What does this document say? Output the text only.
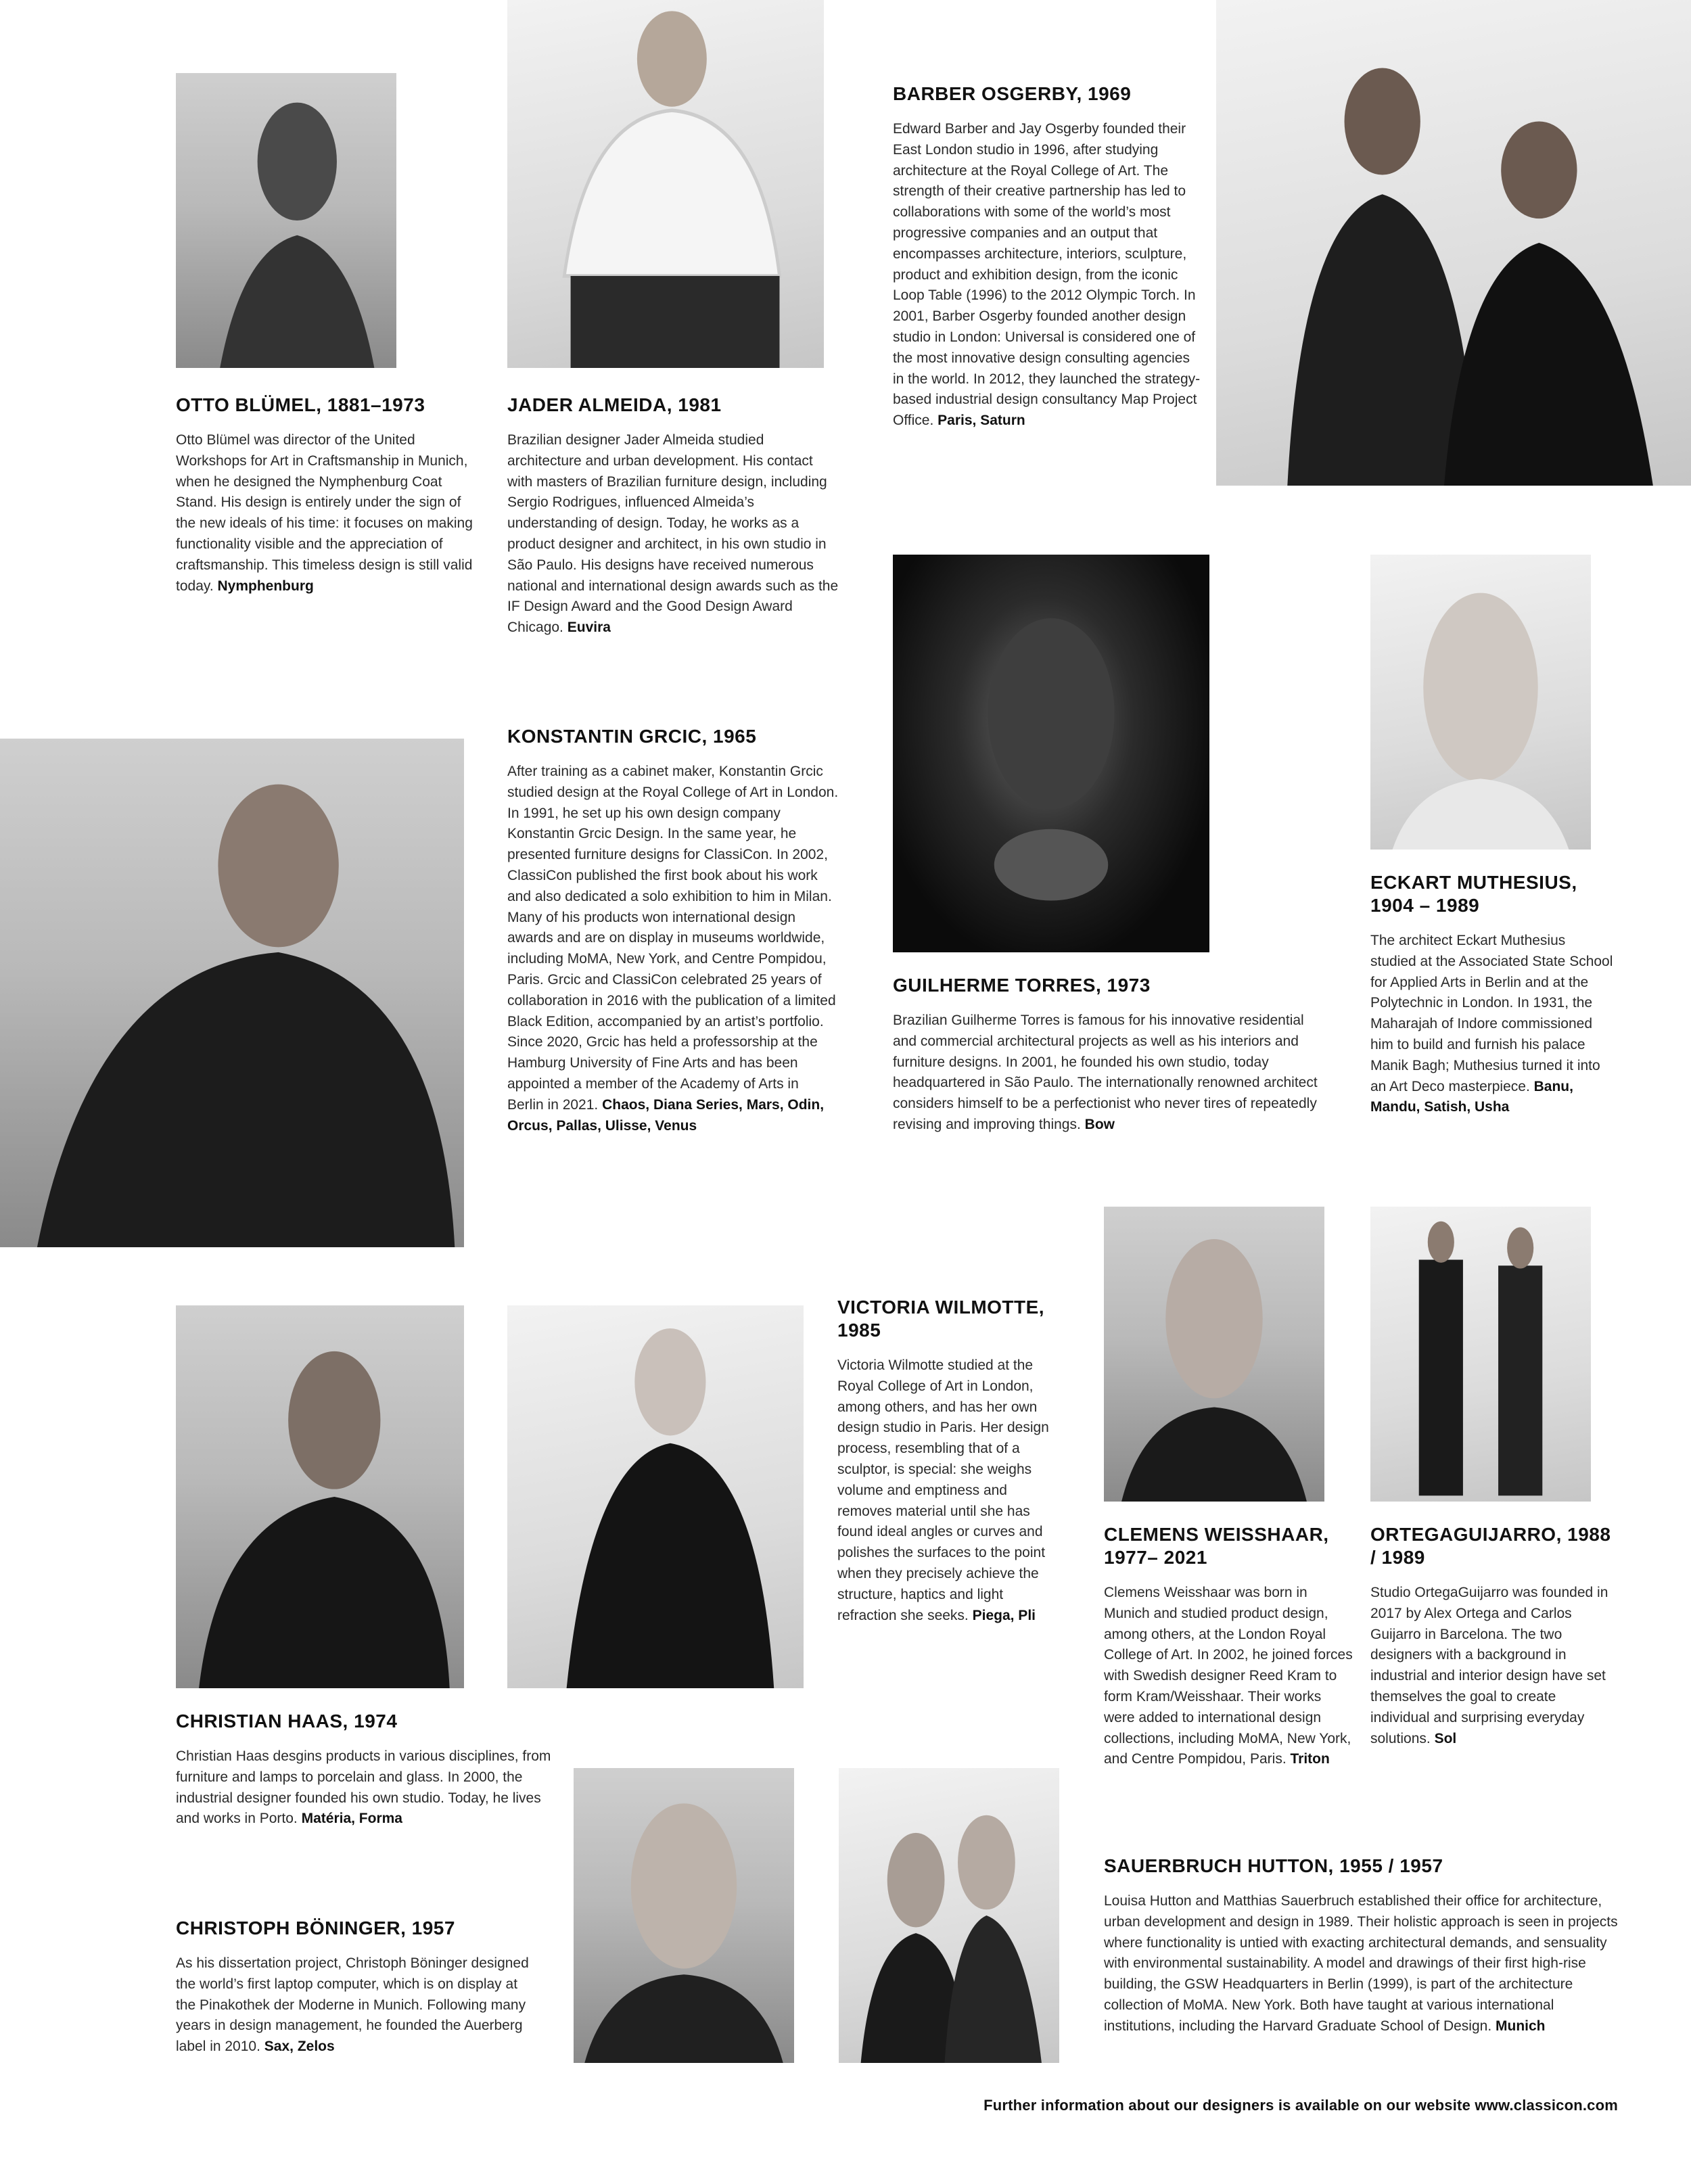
OTTO BLÜMEL, 1881–1973

Otto Blümel was director of the United Workshops for Art in Craftsmanship in Munich, when he designed the Nymphenburg Coat Stand. His design is entirely under the sign of the new ideals of his time: it focuses on making functionality visible and the appreciation of craftsmanship. This timeless design is still valid today. Nymphenburg

JADER ALMEIDA, 1981

Brazilian designer Jader Almeida studied architecture and urban development. His contact with masters of Brazilian furniture design, including Sergio Rodrigues, influenced Almeida’s understanding of design. Today, he works as a product designer and architect, in his own studio in São Paulo. His designs have received numerous national and international design awards such as the IF Design Award and the Good Design Award Chicago. Euvira

BARBER OSGERBY, 1969

Edward Barber and Jay Osgerby founded their East London studio in 1996, after studying architecture at the Royal College of Art. The strength of their creative partnership has led to collaborations with some of the world’s most progressive companies and an output that encompasses architecture, interiors, sculpture, product and exhibition design, from the iconic Loop Table (1996) to the 2012 Olympic Torch. In 2001, Barber Osgerby founded another design studio in London: Universal is considered one of the most innovative design consulting agencies in the world. In 2012, they launched the strategy-based industrial design consultancy Map Project Office. Paris, Saturn

KONSTANTIN GRCIC, 1965

After training as a cabinet maker, Konstantin Grcic studied design at the Royal College of Art in London. In 1991, he set up his own design company Konstantin Grcic Design. In the same year, he presented furniture designs for ClassiCon. In 2002, ClassiCon published the first book about his work and also dedicated a solo exhibition to him in Milan. Many of his products won international design awards and are on display in museums worldwide, including MoMA, New York, and Centre Pompidou, Paris. Grcic and ClassiCon celebrated 25 years of collaboration in 2016 with the publication of a limited Black Edition, accompanied by an artist’s portfolio. Since 2020, Grcic has held a professorship at the Hamburg University of Fine Arts and has been appointed a member of the Academy of Arts in Berlin in 2021. Chaos, Diana Series, Mars, Odin, Orcus, Pallas, Ulisse, Venus

GUILHERME TORRES, 1973

Brazilian Guilherme Torres is famous for his innovative residential and commercial architectural projects as well as his interiors and furniture designs. In 2001, he founded his own studio, today headquartered in São Paulo. The internationally renowned architect considers himself to be a perfectionist who never tires of repeatedly revising and improving things. Bow

ECKART MUTHESIUS, 1904 – 1989

The architect Eckart Muthesius studied at the Associated State School for Applied Arts in Berlin and at the Polytechnic in London. In 1931, the Maharajah of Indore commissioned him to build and furnish his palace Manik Bagh; Muthesius turned it into an Art Deco masterpiece. Banu, Mandu, Satish, Usha

VICTORIA WILMOTTE, 1985

Victoria Wilmotte studied at the Royal College of Art in London, among others, and has her own design studio in Paris. Her design process, resembling that of a sculptor, is special: she weighs volume and emptiness and removes material until she has found ideal angles or curves and polishes the surfaces to the point when they precisely achieve the structure, haptics and light refraction she seeks. Piega, Pli

CLEMENS WEISSHAAR, 1977– 2021

Clemens Weisshaar was born in Munich and studied product design, among others, at the London Royal College of Art. In 2002, he joined forces with Swedish designer Reed Kram to form Kram/Weisshaar. Their works were added to international design collections, including MoMA, New York, and Centre Pompidou, Paris. Triton

ORTEGAGUIJARRO, 1988 / 1989

Studio OrtegaGuijarro was founded in 2017 by Alex Ortega and Carlos Guijarro in Barcelona. The two designers with a background in industrial and interior design have set themselves the goal to create individual and surprising everyday solutions. Sol

CHRISTIAN HAAS, 1974

Christian Haas desgins products in various disciplines, from furniture and lamps to porcelain and glass. In 2000, the industrial designer founded his own studio. Today, he lives and works in Porto. Matéria, Forma

CHRISTOPH BÖNINGER, 1957

As his dissertation project, Christoph Böninger designed the world’s first laptop computer, which is on display at the Pinakothek der Moderne in Munich. Following many years in design management, he founded the Auerberg label in 2010. Sax, Zelos

SAUERBRUCH HUTTON, 1955 / 1957

Louisa Hutton and Matthias Sauerbruch established their office for architecture, urban development and design in 1989. Their holistic approach is seen in projects where functionality is untied with exacting architectural demands, and sensuality with environmental sustainability. A model and drawings of their first high-rise building, the GSW Headquarters in Berlin (1999), is part of the architecture collection of MoMA. New York. Both have taught at various international institutions, including the Harvard Graduate School of Design. Munich

Further information about our designers is available on our website www.classicon.com
